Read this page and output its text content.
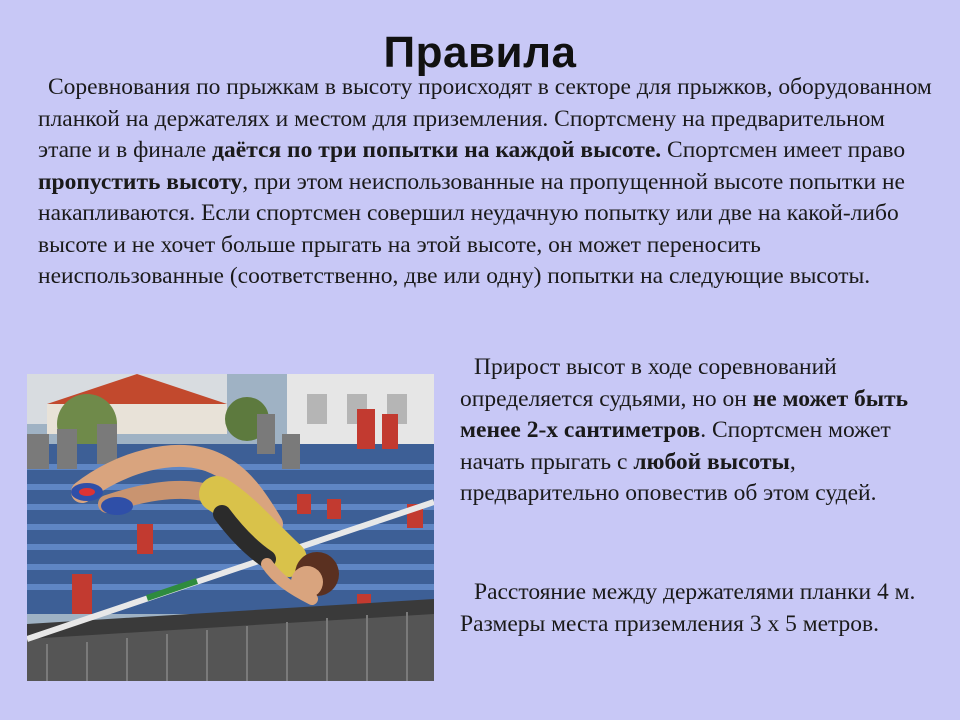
Правила
Соревнования по прыжкам в высоту происходят в секторе для прыжков, оборудованном планкой на держателях и местом для приземления. Спортсмену на предварительном этапе и в финале даётся по три попытки на каждой высоте. Спортсмен имеет право пропустить высоту, при этом неиспользованные на пропущенной высоте попытки не накапливаются. Если спортсмен совершил неудачную попытку или две на какой-либо высоте и не хочет больше прыгать на этой высоте, он может переносить неиспользованные (соответственно, две или одну) попытки на следующие высоты.
Прирост высот в ходе соревнований определяется судьями, но он не может быть менее 2-х сантиметров. Спортсмен может начать прыгать с любой высоты, предварительно оповестив об этом судей.
Расстояние между держателями планки 4 м. Размеры места приземления 3 х 5 метров.
